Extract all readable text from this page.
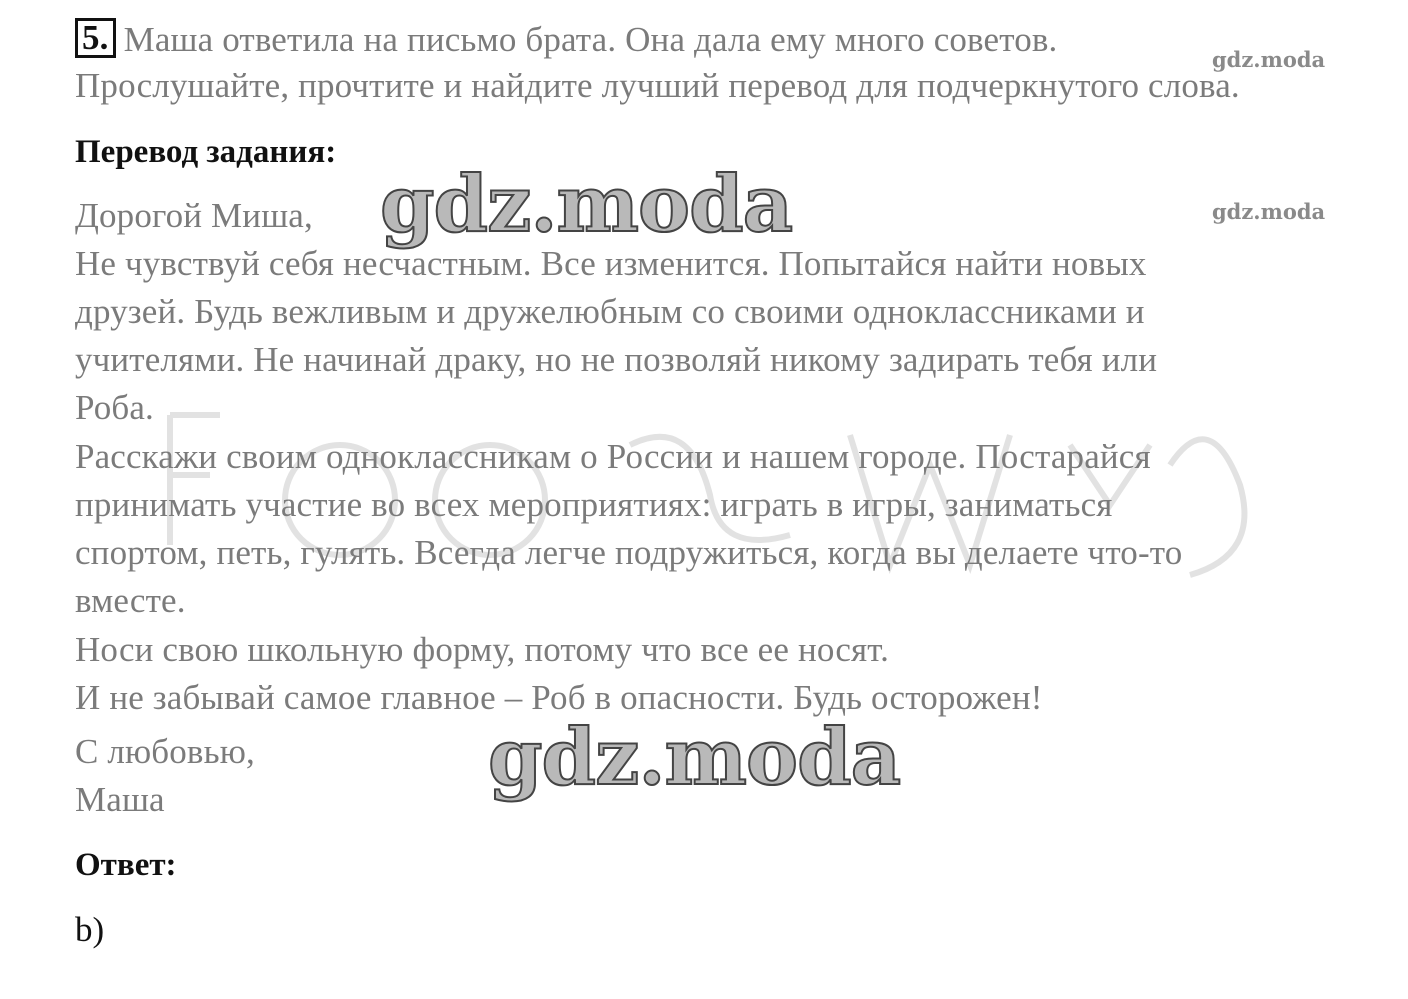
5. Маша ответила на письмо брата. Она дала ему много советов.
Прослушайте, прочтите и найдите лучший перевод для подчеркнутого слова.
Перевод задания:
Дорогой Миша,
Не чувствуй себя несчастным. Все изменится. Попытайся найти новых
друзей. Будь вежливым и дружелюбным со своими одноклассниками и
учителями. Не начинай драку, но не позволяй никому задирать тебя или
Роба.
Расскажи своим одноклассникам о России и нашем городе. Постарайся
принимать участие во всех мероприятиях: играть в игры, заниматься
спортом, петь, гулять. Всегда легче подружиться, когда вы делаете что-то
вместе.
Носи свою школьную форму, потому что все ее носят.
И не забывай самое главное – Роб в опасности. Будь осторожен!
С любовью,
Маша
Ответ:
b)
gdz.moda
gdz.moda
gdz.moda
gdz.moda
